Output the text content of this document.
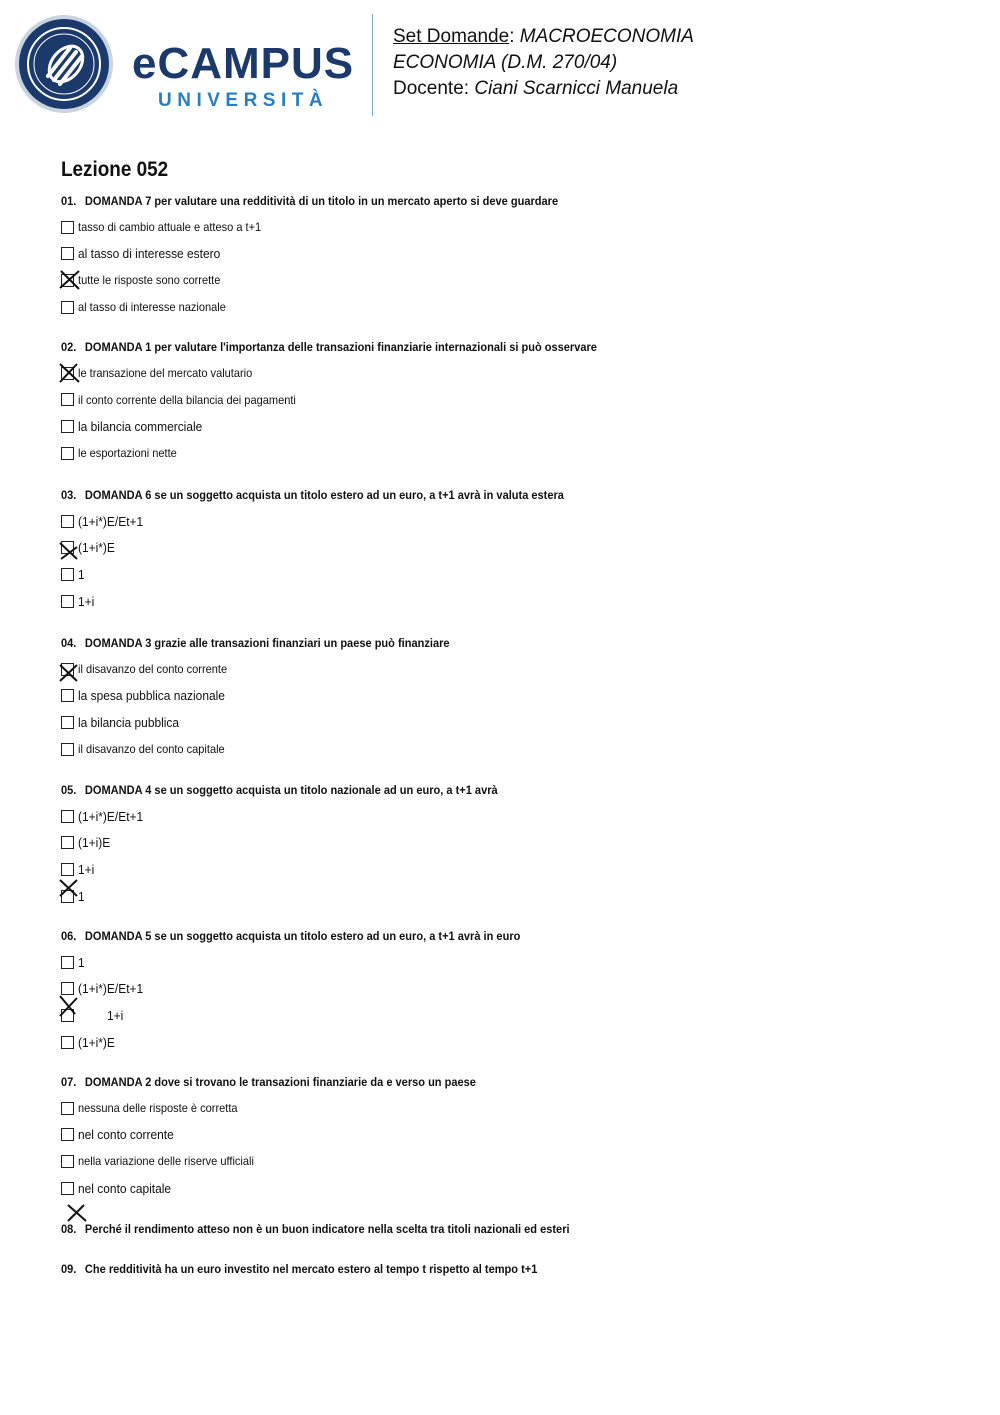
eCAMPUS
UNIVERSITÀ
Set Domande: MACROECONOMIA
ECONOMIA (D.M. 270/04)
Docente: Ciani Scarnicci Manuela
Lezione 052
01. DOMANDA 7 per valutare una redditività di un titolo in un mercato aperto si deve guardare
tasso di cambio attuale e atteso a t+1
al tasso di interesse estero
tutte le risposte sono corrette
al tasso di interesse nazionale
02. DOMANDA 1 per valutare l'importanza delle transazioni finanziarie internazionali si può osservare
le transazione del mercato valutario
il conto corrente della bilancia dei pagamenti
la bilancia commerciale
le esportazioni nette
03. DOMANDA 6 se un soggetto acquista un titolo estero ad un euro, a t+1 avrà in valuta estera
(1+i*)E/Et+1
(1+i*)E
1
1+i
04. DOMANDA 3 grazie alle transazioni finanziari un paese può finanziare
il disavanzo del conto corrente
la spesa pubblica nazionale
la bilancia pubblica
il disavanzo del conto capitale
05. DOMANDA 4 se un soggetto acquista un titolo nazionale ad un euro, a t+1 avrà
(1+i*)E/Et+1
(1+i)E
1+i
1
06. DOMANDA 5 se un soggetto acquista un titolo estero ad un euro, a t+1 avrà in euro
1
(1+i*)E/Et+1
1+i
(1+i*)E
07. DOMANDA 2 dove si trovano le transazioni finanziarie da e verso un paese
nessuna delle risposte è corretta
nel conto corrente
nella variazione delle riserve ufficiali
nel conto capitale
08. Perché il rendimento atteso non è un buon indicatore nella scelta tra titoli nazionali ed esteri
09. Che redditività ha un euro investito nel mercato estero al tempo t rispetto al tempo t+1
